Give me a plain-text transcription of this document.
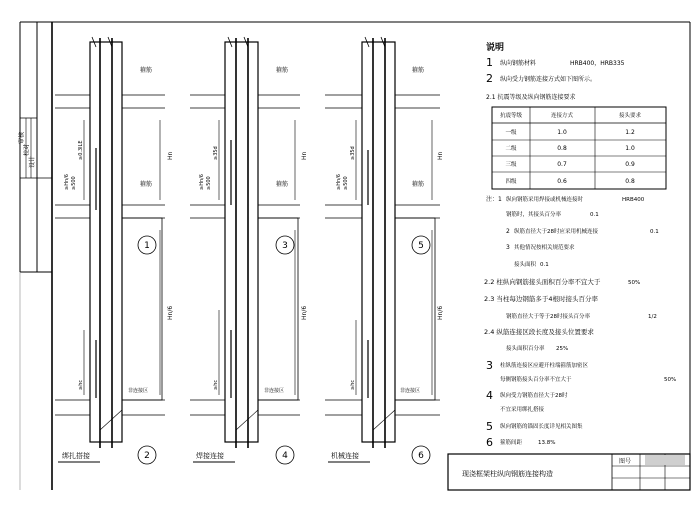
审核
校对
设计
箍筋
箍筋
非连接区
Hn
Hn/6
≥Hn/6 ≥500
≥hc
≥0.3lLE
1
2
绑扎搭接
箍筋
箍筋
非连接区
Hn
Hn/6
≥Hn/6 ≥500
≥hc
≥35d
3
4
焊接连接
箍筋
箍筋
非连接区
Hn
Hn/6
≥Hn/6 ≥500
≥hc
≥35d
5
6
机械连接
说明
1 纵向钢筋材料	HRB400，HRB335
2 纵向受力钢筋连接方式如下图所示。
2.1 抗震等级及纵向钢筋连接要求
抗震等级	连接方式	接头要求
一级	1.0	1.2
二级	0.8	1.0
三级	0.7	0.9
四级	0.6	0.8
注： 1 纵向钢筋采用焊接或机械连接时	HRB400
钢筋时，其接头百分率	0.1
2 纵筋直径大于28时应采用机械连接	0.1
3 其他情况按相关规范要求
接头面积 0.1
2.2 柱纵向钢筋接头面积百分率不宜大于	50%
2.3 当柱每边钢筋多于4根时接头百分率
钢筋直径大于等于28时接头百分率	1/2
2.4 纵筋连接区段长度及接头位置要求
接头面积百分率 25%
3 柱纵筋连接区应避开柱端箍筋加密区
每侧钢筋接头百分率不宜大于	50%
4 纵向受力钢筋直径大于28时
不宜采用绑扎搭接
5 纵向钢筋的锚固长度详见相关图集
6 箍筋间距	13.8%
现浇框架柱纵向钢筋连接构造
图号
